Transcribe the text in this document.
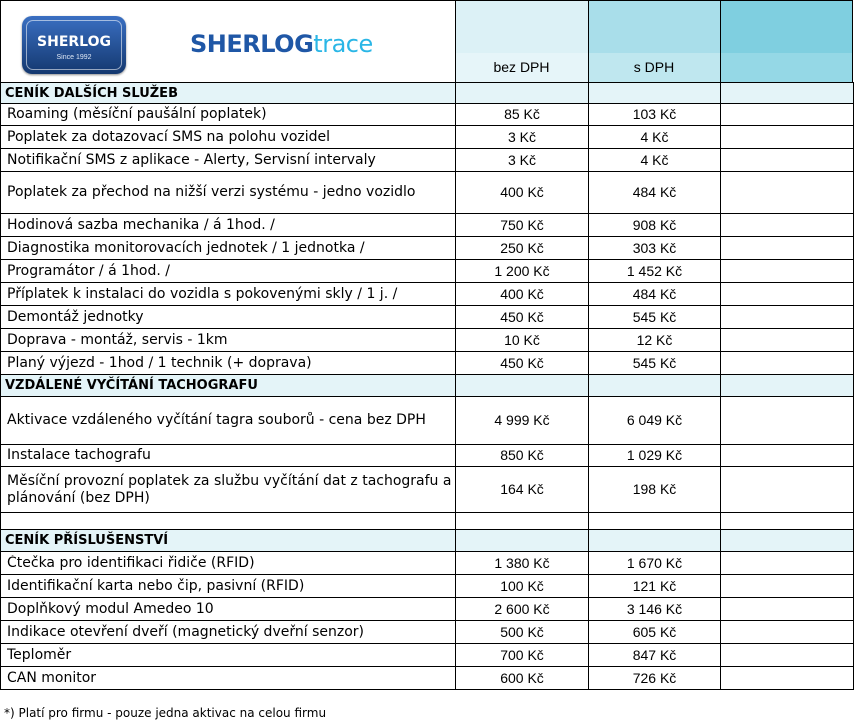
SHERLOG
Since 1992	SHERLOGtrace
bez DPH	s DPH
CENÍK DALŠÍCH SLUŽEB			

Roaming (měsíční paušální poplatek)	85 Kč	103 Kč	

Poplatek za dotazovací SMS na polohu vozidel	3 Kč	4 Kč	

Notifikační SMS z aplikace - Alerty, Servisní intervaly	3 Kč	4 Kč	

Poplatek za přechod na nižší verzi systému - jedno vozidlo	400 Kč	484 Kč	

Hodinová sazba mechanika / á 1hod. /	750 Kč	908 Kč	

Diagnostika monitorovacích jednotek / 1 jednotka /	250 Kč	303 Kč	

Programátor / á 1hod. /	1 200 Kč	1 452 Kč	

Příplatek k instalaci do vozidla s pokovenými skly / 1 j. /	400 Kč	484 Kč	

Demontáž jednotky	450 Kč	545 Kč	

Doprava - montáž, servis - 1km	10 Kč	12 Kč	

Planý výjezd - 1hod / 1 technik (+ doprava)	450 Kč	545 Kč	
VZDÁLENÉ VYČÍTÁNÍ TACHOGRAFU			

Aktivace vzdáleného vyčítání tagra souborů - cena bez DPH	4 999 Kč	6 049 Kč	

Instalace tachografu	850 Kč	1 029 Kč	

Měsíční provozní poplatek za službu vyčítání dat z tachografu a plánování (bez DPH)	164 Kč	198 Kč	

CENÍK PŘÍSLUŠENSTVÍ			

Čtečka pro identifikaci řidiče (RFID)	1 380 Kč	1 670 Kč	

Identifikační karta nebo čip, pasivní (RFID)	100 Kč	121 Kč	

Doplňkový modul Amedeo 10	2 600 Kč	3 146 Kč	

Indikace otevření dveří (magnetický dveřní senzor)	500 Kč	605 Kč	

Teploměr	700 Kč	847 Kč	

CAN monitor	600 Kč	726 Kč	
*) Platí pro firmu - pouze jedna aktivac na celou firmu
